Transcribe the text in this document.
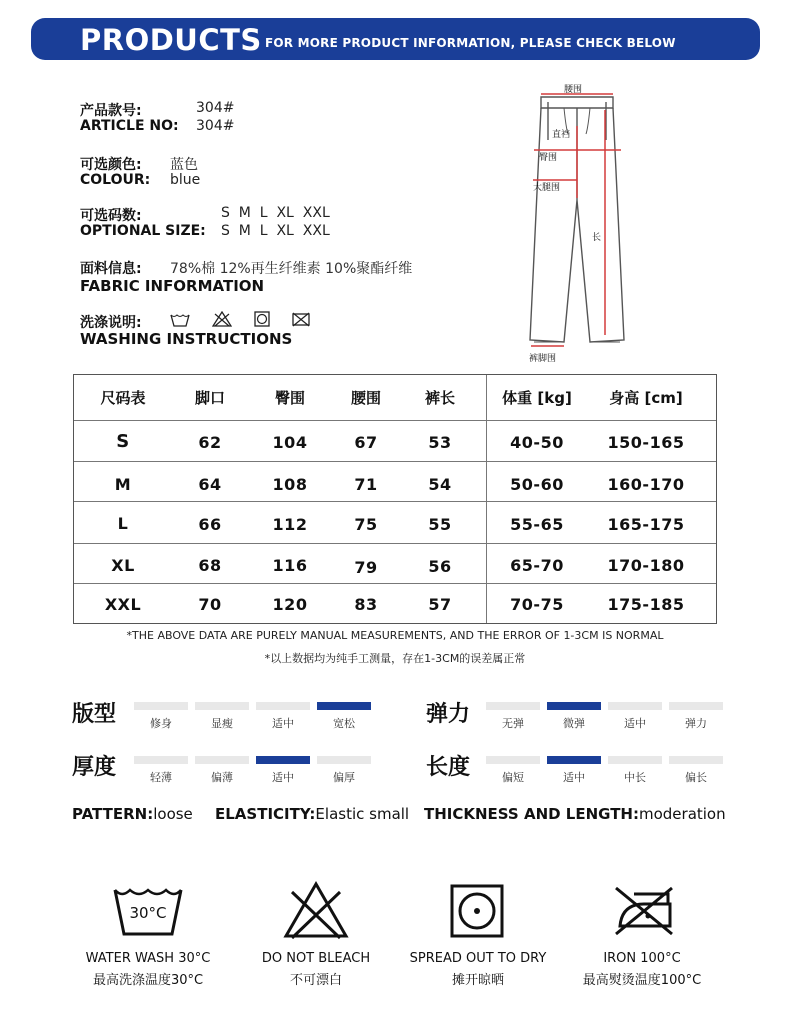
PRODUCTS FOR MORE PRODUCT INFORMATION, PLEASE CHECK BELOW
产品款号:	304#
ARTICLE NO: 304#
可选颜色: 蓝色
COLOUR: blue
可选码数:	S  M  L  XL  XXL
OPTIONAL SIZE: S  M  L  XL  XXL
面料信息: 78%棉 12%再生纤维素 10%聚酯纤维
FABRIC INFORMATION
洗涤说明:
WASHING INSTRUCTIONS
腰围
直裆
臀围
大腿围
长
裤脚围
尺码表	脚口	臀围	腰围	裤长	体重 [kg]	身高 [cm]
S	62	104	67	53	40-50	150-165
M	64	108	71	54	50-60	160-170
L	66	112	75	55	55-65	165-175
XL	68	116	79	56	65-70	170-180
XXL	70	120	83	57	70-75	175-185
*THE ABOVE DATA ARE PURELY MANUAL MEASUREMENTS, AND THE ERROR OF 1-3CM IS NORMAL
*以上数据均为纯手工测量，存在1-3CM的误差属正常
版型	弹力
厚度	长度
修身	显瘦	适中	宽松	无弹	微弹	适中	弹力
轻薄	偏薄	适中	偏厚	偏短	适中	中长	偏长
PATTERN:loose ELASTICITY:Elastic small THICKNESS AND LENGTH:moderation
30°C
WATER WASH 30°C
最高洗涤温度30°C
DO NOT BLEACH
不可漂白
SPREAD OUT TO DRY
摊开晾晒
IRON 100°C
最高熨烫温度100°C
